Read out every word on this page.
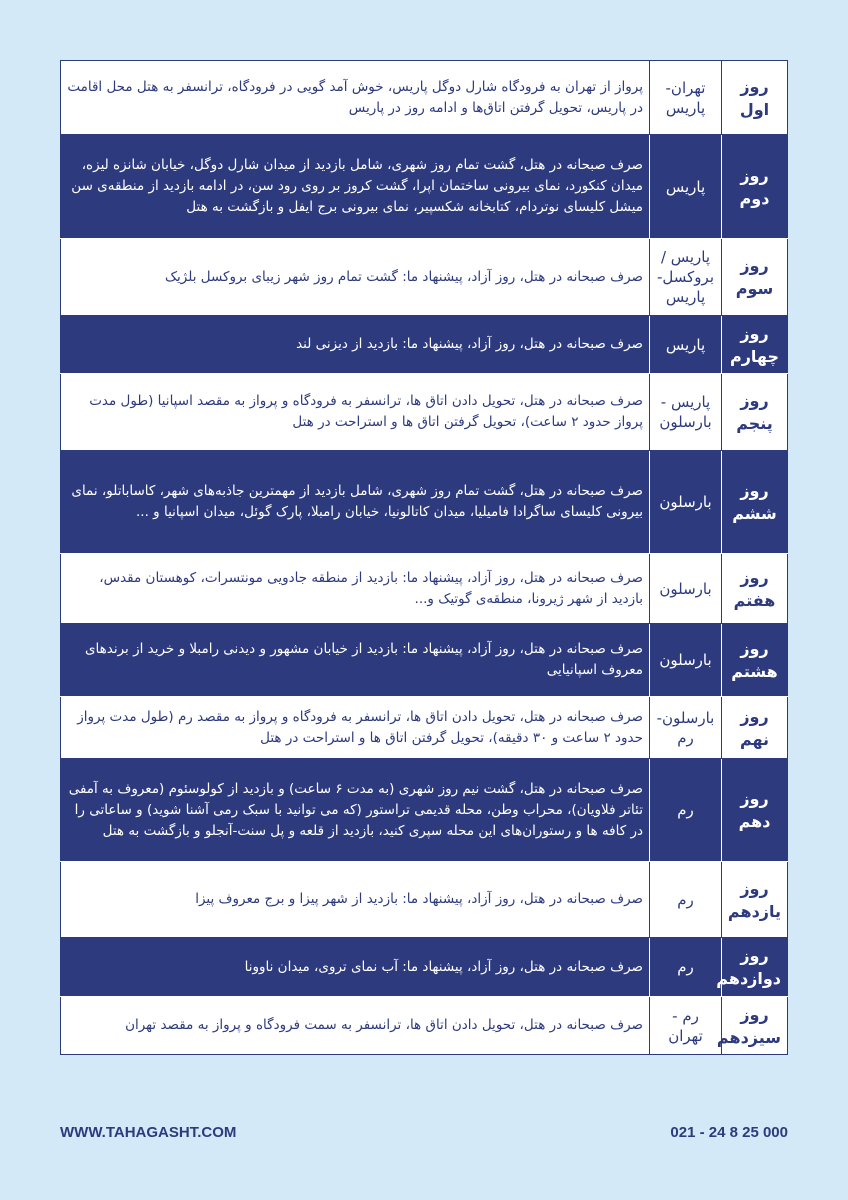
روز اول	تهران- پاریس	پرواز از تهران به فرودگاه شارل دوگل پاریس، خوش آمد گویی در فرودگاه، ترانسفر به هتل محل اقامت در پاریس، تحویل گرفتن اتاق‌ها و ادامه روز در پاریس
روز دوم	پاریس	صرف صبحانه در هتل، گشت تمام روز شهری، شامل بازدید از میدان شارل دوگل، خیابان شانزه لیزه، میدان کنکورد، نمای بیرونی ساختمان اپرا، گشت کروز بر روی رود سن، در ادامه بازدید از منطقه‌ی سن میشل کلیسای نوتردام، کتابخانه شکسپیر، نمای بیرونی برج ایفل و بازگشت به هتل
روز سوم	پاریس / بروکسل- پاریس	صرف صبحانه در هتل، روز آزاد، پیشنهاد ما: گشت تمام روز شهر زیبای بروکسل بلژیک
روز چهارم	پاریس	صرف صبحانه در هتل، روز آزاد، پیشنهاد ما: بازدید از دیزنی لند
روز پنجم	پاریس - بارسلون	صرف صبحانه در هتل، تحویل دادن اتاق ها، ترانسفر به فرودگاه و پرواز به مقصد اسپانیا (طول مدت پرواز حدود ۲ ساعت)، تحویل گرفتن اتاق ها و استراحت در هتل
روز ششم	بارسلون	صرف صبحانه در هتل، گشت تمام روز شهری، شامل بازدید از مهمترین جاذبه‌های شهر، کاساباتلو، نمای بیرونی کلیسای ساگرادا فامیلیا، میدان کاتالونیا، خیابان رامبلا، پارک گوئل، میدان اسپانیا و ...
روز هفتم	بارسلون	صرف صبحانه در هتل، روز آزاد، پیشنهاد ما: بازدید از منطقه جادویی مونتسرات، کوهستان مقدس، بازدید از شهر ژیرونا، منطقه‌ی گوتیک و...
روز هشتم	بارسلون	صرف صبحانه در هتل، روز آزاد، پیشنهاد ما: بازدید از خیابان مشهور و دیدنی رامبلا و خرید از برندهای معروف اسپانیایی
روز نهم	بارسلون- رم	صرف صبحانه در هتل، تحویل دادن اتاق ها، ترانسفر به فرودگاه و پرواز به مقصد رم (طول مدت پرواز حدود ۲ ساعت و ۳۰ دقیقه)، تحویل گرفتن اتاق ها و استراحت در هتل
روز دهم	رم	صرف صبحانه در هتل، گشت نیم روز شهری (به مدت ۶ ساعت) و بازدید از کولوسئوم (معروف به آمفی تئاتر فلاویان)، محراب وطن، محله قدیمی تراستور (که می توانید با سبک رمی آشنا شوید) و ساعاتی را در کافه ها و رستوران‌های این محله سپری کنید، بازدید از قلعه و پل سنت-آنجلو و بازگشت به هتل
روز یازدهم	رم	صرف صبحانه در هتل، روز آزاد، پیشنهاد ما: بازدید از شهر پیزا و برج معروف پیزا
روز دوازدهم	رم	صرف صبحانه در هتل، روز آزاد، پیشنهاد ما: آب نمای تروی، میدان ناوونا
روز سیزدهم	رم - تهران	صرف صبحانه در هتل، تحویل دادن اتاق ها، ترانسفر به سمت فرودگاه و پرواز به مقصد تهران
WWW.TAHAGASHT.COM	021 - 24 8 25 000
